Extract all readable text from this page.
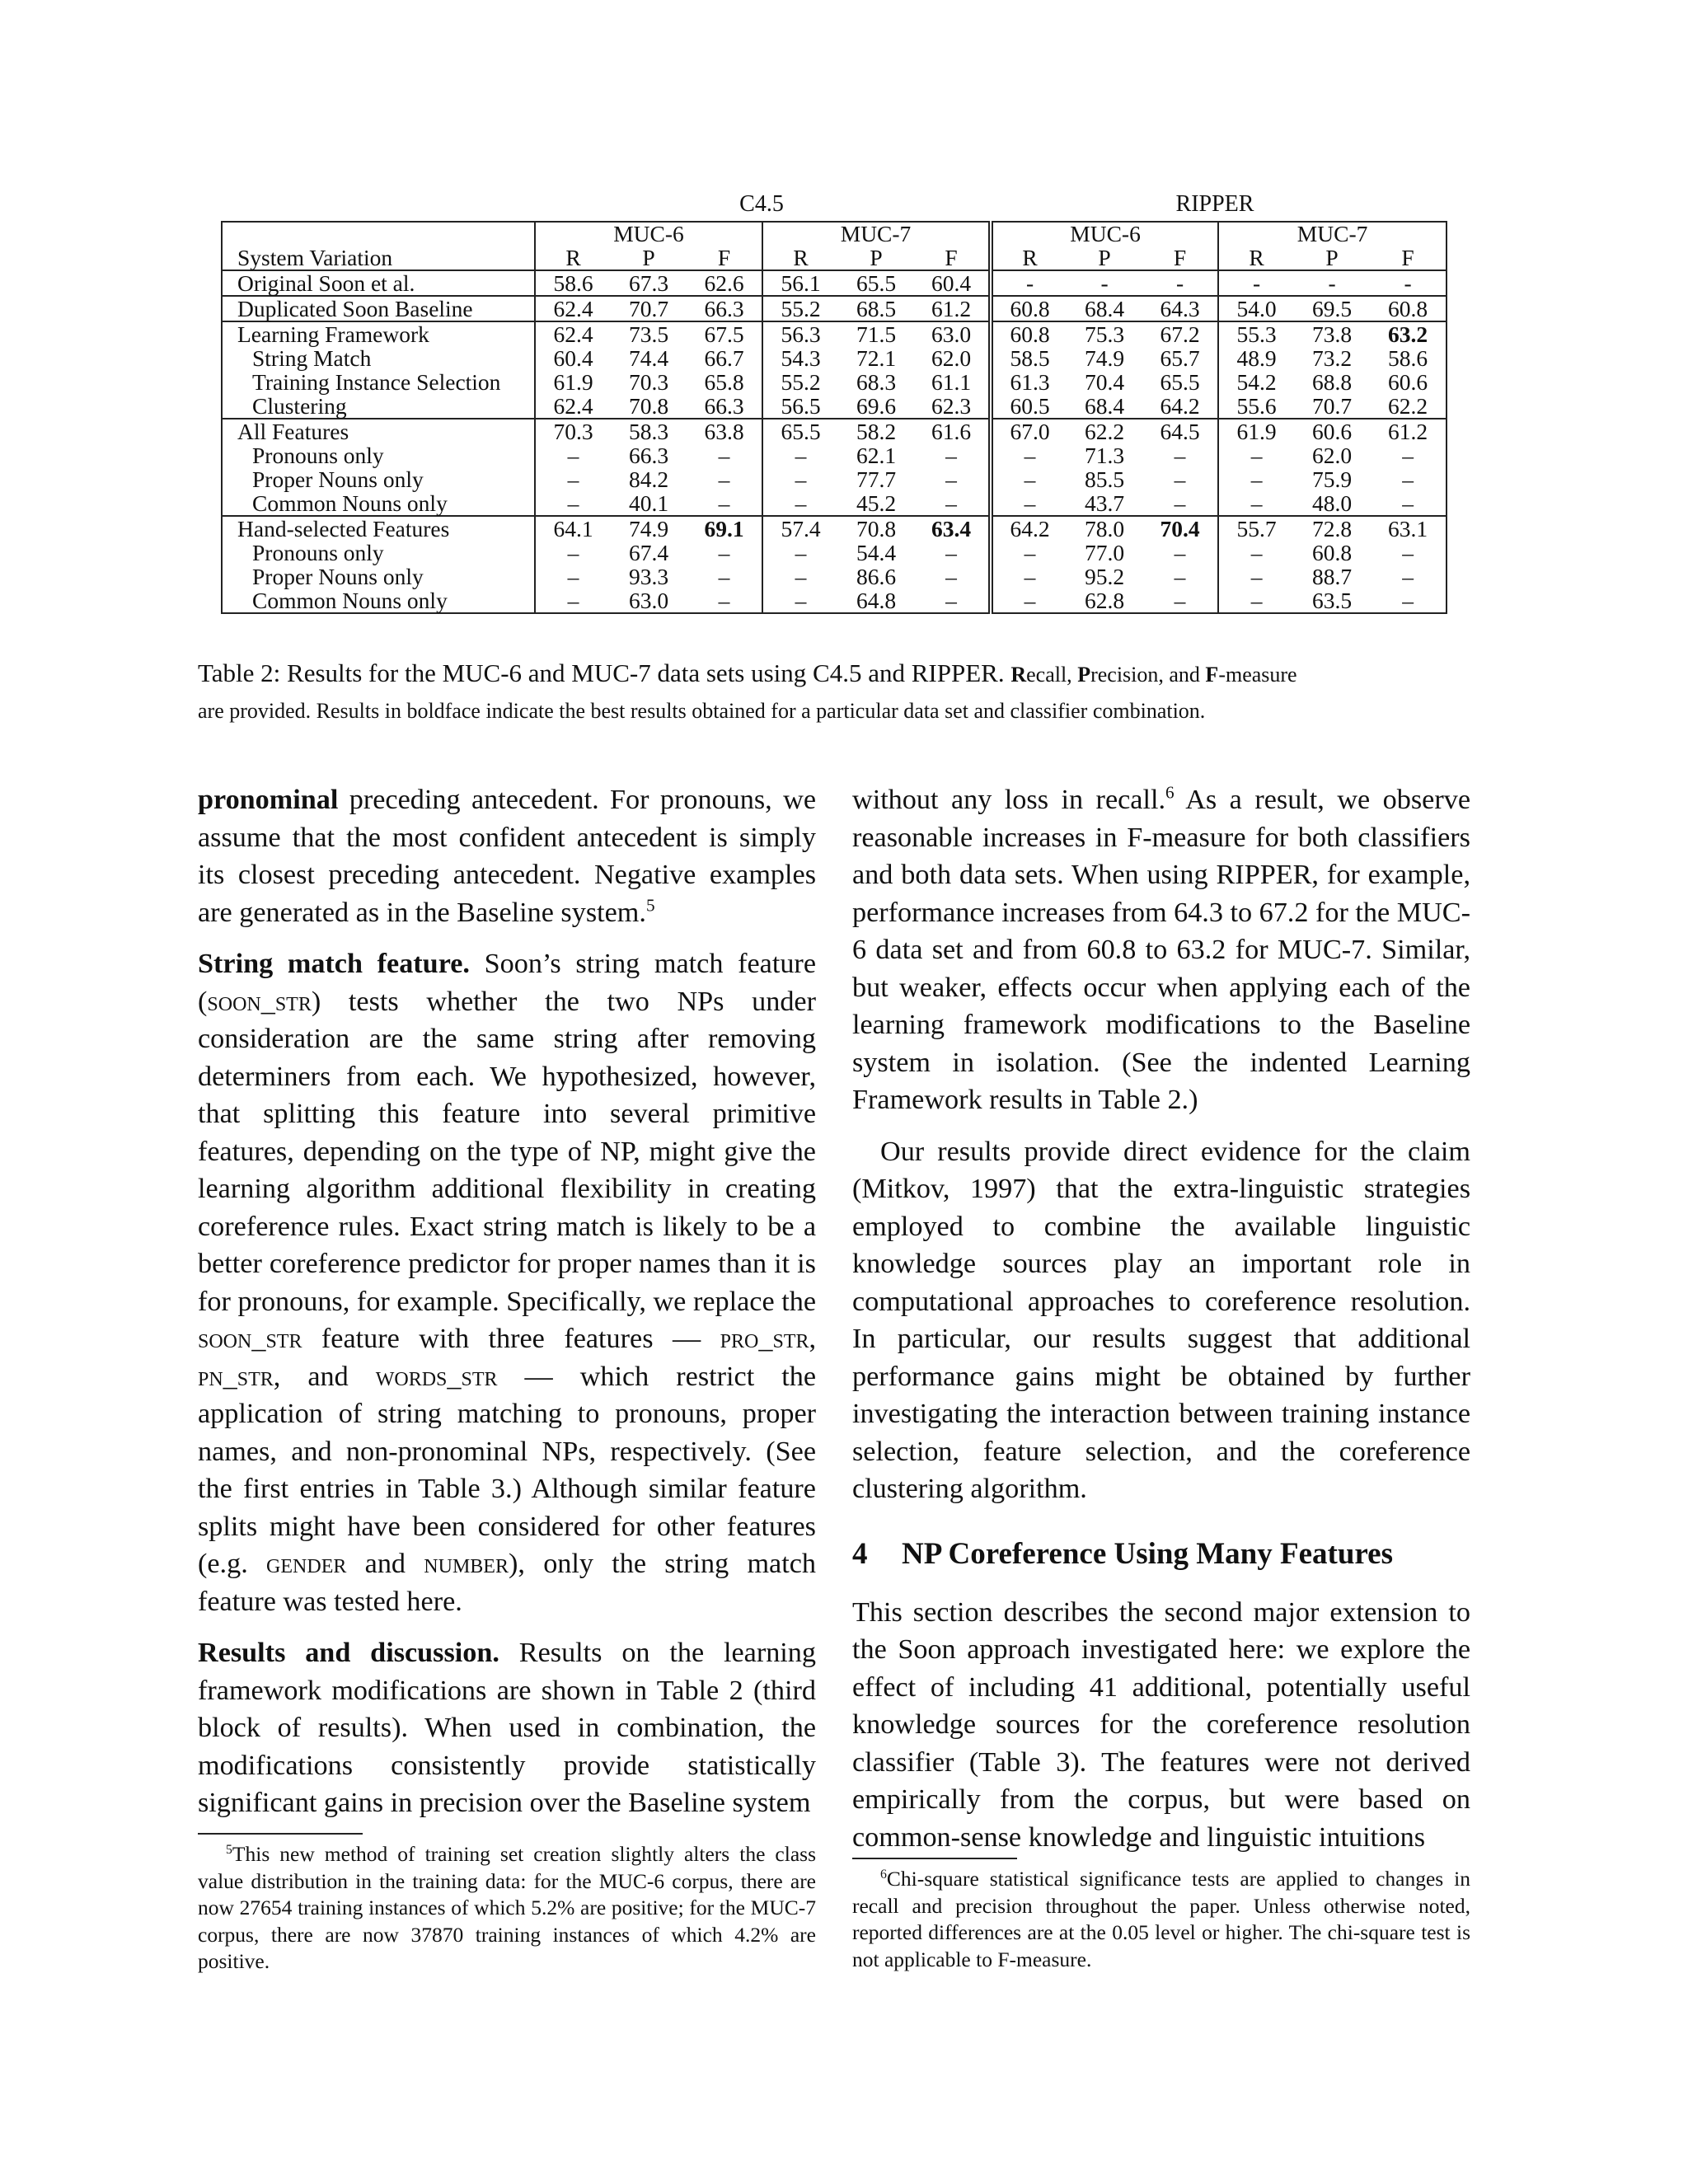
C4.5	RIPPER
	MUC-6			MUC-7			MUC-6			MUC-7		
System Variation	R	P	F	R	P	F	R	P	F	R	P	F
Original Soon et al.	58.6	67.3	62.6	56.1	65.5	60.4	-	-	-	-	-	-
Duplicated Soon Baseline	62.4	70.7	66.3	55.2	68.5	61.2	60.8	68.4	64.3	54.0	69.5	60.8
Learning Framework	62.4	73.5	67.5	56.3	71.5	63.0	60.8	75.3	67.2	55.3	73.8	63.2
String Match	60.4	74.4	66.7	54.3	72.1	62.0	58.5	74.9	65.7	48.9	73.2	58.6
Training Instance Selection	61.9	70.3	65.8	55.2	68.3	61.1	61.3	70.4	65.5	54.2	68.8	60.6
Clustering	62.4	70.8	66.3	56.5	69.6	62.3	60.5	68.4	64.2	55.6	70.7	62.2
All Features	70.3	58.3	63.8	65.5	58.2	61.6	67.0	62.2	64.5	61.9	60.6	61.2
Pronouns only	–	66.3	–	–	62.1	–	–	71.3	–	–	62.0	–
Proper Nouns only	–	84.2	–	–	77.7	–	–	85.5	–	–	75.9	–
Common Nouns only	–	40.1	–	–	45.2	–	–	43.7	–	–	48.0	–
Hand-selected Features	64.1	74.9	69.1	57.4	70.8	63.4	64.2	78.0	70.4	55.7	72.8	63.1
Pronouns only	–	67.4	–	–	54.4	–	–	77.0	–	–	60.8	–
Proper Nouns only	–	93.3	–	–	86.6	–	–	95.2	–	–	88.7	–
Common Nouns only	–	63.0	–	–	64.8	–	–	62.8	–	–	63.5	–
Table 2: Results for the MUC-6 and MUC-7 data sets using C4.5 and RIPPER. Recall, Precision, and F-measure
are provided. Results in boldface indicate the best results obtained for a particular data set and classifier combination.

pronominal preceding antecedent. For pronouns, we assume that the most confident antecedent is simply its closest preceding antecedent. Negative examples are generated as in the Baseline system.$^5$

String match feature. Soon’s string match feature (soon_str) tests whether the two NPs under consideration are the same string after removing determiners from each. We hypothesized, however, that splitting this feature into several primitive features, depending on the type of NP, might give the learning algorithm additional flexibility in creating coreference rules. Exact string match is likely to be a better coreference predictor for proper names than it is for pronouns, for example. Specifically, we replace the soon_str feature with three features — pro_str, pn_str, and words_str — which restrict the application of string matching to pronouns, proper names, and non-pronominal NPs, respectively. (See the first entries in Table 3.) Although similar feature splits might have been considered for other features (e.g. gender and number), only the string match feature was tested here.

Results and discussion. Results on the learning framework modifications are shown in Table 2 (third block of results). When used in combination, the modifications consistently provide statistically significant gains in precision over the Baseline system

$^5$This new method of training set creation slightly alters the class value distribution in the training data: for the MUC-6 corpus, there are now 27654 training instances of which 5.2% are positive; for the MUC-7 corpus, there are now 37870 training instances of which 4.2% are positive.

without any loss in recall.$^6$ As a result, we observe reasonable increases in F-measure for both classifiers and both data sets. When using RIPPER, for example, performance increases from 64.3 to 67.2 for the MUC-6 data set and from 60.8 to 63.2 for MUC-7. Similar, but weaker, effects occur when applying each of the learning framework modifications to the Baseline system in isolation. (See the indented Learning Framework results in Table 2.)

Our results provide direct evidence for the claim (Mitkov, 1997) that the extra-linguistic strategies employed to combine the available linguistic knowledge sources play an important role in computational approaches to coreference resolution. In particular, our results suggest that additional performance gains might be obtained by further investigating the interaction between training instance selection, feature selection, and the coreference clustering algorithm.

4 NP Coreference Using Many Features

This section describes the second major extension to the Soon approach investigated here: we explore the effect of including 41 additional, potentially useful knowledge sources for the coreference resolution classifier (Table 3). The features were not derived empirically from the corpus, but were based on common-sense knowledge and linguistic intuitions

$^6$Chi-square statistical significance tests are applied to changes in recall and precision throughout the paper. Unless otherwise noted, reported differences are at the 0.05 level or higher. The chi-square test is not applicable to F-measure.
